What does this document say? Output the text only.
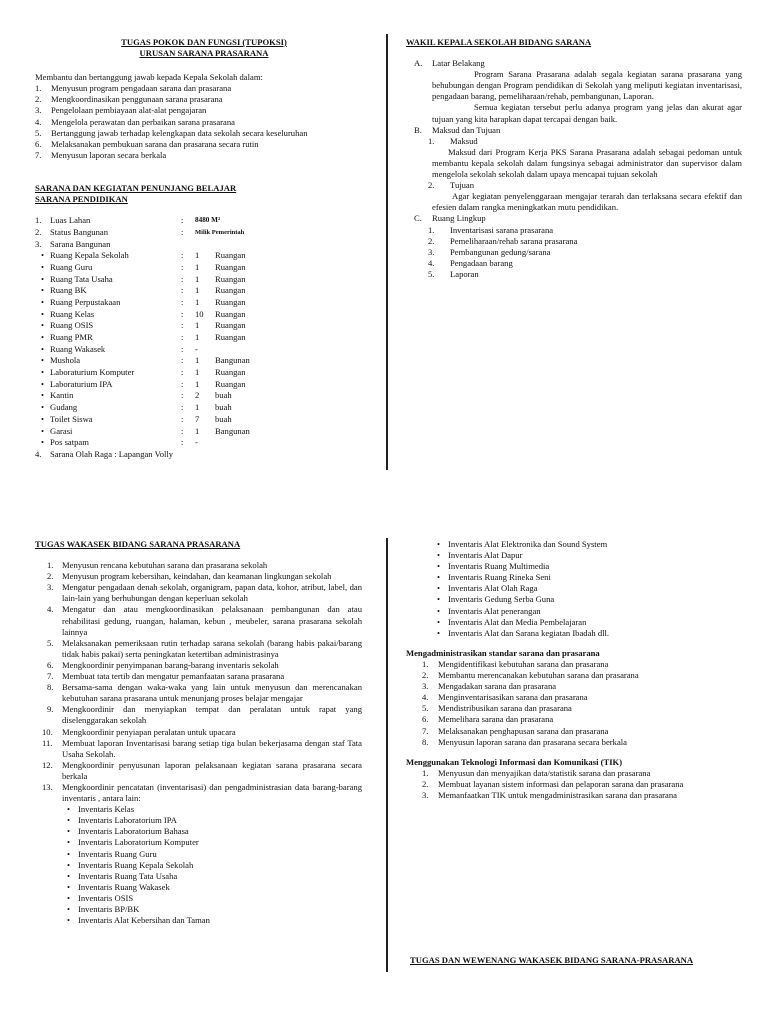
TUGAS POKOK DAN FUNGSI (TUPOKSI)
URUSAN SARANA PRASARANA
Membantu dan bertanggung jawab kepada Kepala Sekolah dalam:
1. Menyusun program pengadaan sarana dan prasarana
2. Mengkoordinasikan penggunaan sarana prasarana
3. Pengelolaan pembiayaan alat-alat pengajaran
4. Mengelola perawatan dan perbaikan sarana prasarana
5. Bertanggung jawab terhadap kelengkapan data sekolah secara keseluruhan
6. Melaksanakan pembukuan sarana dan prasarana secara rutin
7. Menyusun laporan secara berkala
SARANA DAN KEGIATAN PENUNJANG BELAJAR
SARANA PENDIDIKAN
1. Luas Lahan	:	8480 M²	
2. Status Bangunan	:	Milik Pemerintah	
3. Sarana Bangunan			
• Ruang Kepala Sekolah	:	1	Ruangan
• Ruang Guru	:	1	Ruangan
• Ruang Tata Usaha	:	1	Ruangan
• Ruang BK	:	1	Ruangan
• Ruang Perpustakaan	:	1	Ruangan
• Ruang Kelas	:	10	Ruangan
• Ruang OSIS	:	1	Ruangan
• Ruang PMR	:	1	Ruangan
• Ruang Wakasek	:	-	
• Mushola	:	1	Bangunan
• Laboraturium Komputer	:	1	Ruangan
• Laboraturium IPA	:	1	Ruangan
• Kantin	:	2	buah
• Gudang	:	1	buah
• Toilet Siswa	:	7	buah
• Garasi	:	1	Bangunan
• Pos satpam	:	-	
4. Sarana Olah Raga : Lapangan Volly
WAKIL KEPALA SEKOLAH BIDANG SARANA
A. Latar Belakang
Program Sarana Prasarana adalah segala kegiatan sarana prasarana yang behubungan dengan Program pendidikan di Sekolah yang meliputi kegiatan inventarisasi, pengadaan barang, pemeliharaan/rehab, pembangunan, Laporan.
Semua kegiatan tersebut perlu adanya program yang jelas dan akurat agar tujuan yang kita harapkan dapat tercapai dengan baik.
B. Maksud dan Tujuan
1. Maksud
Maksud dari Program Kerja PKS Sarana Prasarana adalah sebagai pedoman untuk membantu kepala sekolah dalam fungsinya sebagai administrator dan supervisor dalam mengelola sekolah sekolah dalam upaya mencapai tujuan sekolah
2. Tujuan
Agar kegiatan penyelenggaraan mengajar terarah dan terlaksana secara efektif dan efesien dalam rangka meningkatkan mutu pendidikan.
C. Ruang Lingkup
1. Inventarisasi sarana prasarana
2. Pemeliharaan/rehab sarana prasarana
3. Pembangunan gedung/sarana
4. Pengadaan barang
5. Laporan
TUGAS WAKASEK BIDANG SARANA PRASARANA
1. Menyusun rencana kebutuhan sarana dan prasarana sekolah
2. Menyusun program kebersihan, keindahan, dan keamanan lingkungan sekolah
3. Mengatur pengadaan denah sekolah, organigram, papan data, kohor, atribut, label, dan lain-lain yang berhubungan dengan keperluan sekolah
4. Mengatur dan atau mengkoordinasikan pelaksanaan pembangunan dan atau rehabilitasi gedung, ruangan, halaman, kebun , meubeler, sarana prasarana sekolah lainnya
5. Melaksanakan pemeriksaan rutin terhadap sarana sekolah (barang habis pakai/barang tidak habis pakai) serta peningkatan ketertiban administrasinya
6. Mengkoordinir penyimpanan barang-barang inventaris sekolah
7. Membuat tata tertib dan mengatur pemanfaatan sarana prasarana
8. Bersama-sama dengan waka-waka yang lain untuk menyusun dan merencanakan kebutuhan sarana prasarana untuk menunjang proses belajar mengajar
9. Mengkoordinir dan menyiapkan tempat dan peralatan untuk rapat yang diselenggarakan sekolah
10. Mengkoordinir penyiapan peralatan untuk upacara
11. Membuat laporan Inventarisasi barang setiap tiga bulan bekerjasama dengan staf Tata Usaha Sekolah.
12. Mengkoordinir penyusunan laporan pelaksanaan kegiatan sarana prasarana secara berkala
13. Mengkoordinir pencatatan (inventarisasi) dan pengadministrasian data barang-barang inventaris , antara lain:
• Inventaris Kelas
• Inventaris Laboratorium IPA
• Inventaris Laboratorium Bahasa
• Inventaris Laboratorium Komputer
• Inventaris Ruang Guru
• Inventaris Ruang Kepala Sekolah
• Inventaris Ruang Tata Usaha
• Inventaris Ruang Wakasek
• Inventaris OSIS
• Inventaris BP/BK
• Inventaris Alat Kebersihan dan Taman
• Inventaris Alat Elektronika dan Sound System
• Inventaris Alat Dapur
• Inventaris Ruang Multimedia
• Inventaris Ruang Rineka Seni
• Inventaris Alat Olah Raga
• Inventaris Gedung Serba Guna
• Inventaris Alat penerangan
• Inventaris Alat dan Media Pembelajaran
• Inventaris Alat dan Sarana kegiatan Ibadah dll.
Mengadministrasikan standar sarana dan prasarana
1. Mengidentifikasi kebutuhan sarana dan prasarana
2. Membantu merencanakan kebutuhan sarana dan prasarana
3. Mengadakan sarana dan prasarana
4. Menginventarisasikan sarana dan prasarana
5. Mendistribusikan sarana dan prasarana
6. Memelihara sarana dan prasarana
7. Melaksanakan penghapusan sarana dan prasarana
8. Menyusun laporan sarana dan prasarana secara berkala
Menggunakan Teknologi Informasi dan Komunikasi (TIK)
1. Menyusun dan menyajikan data/statistik sarana dan prasarana
2. Membuat layanan sistem informasi dan pelaporan sarana dan prasarana
3. Memanfaatkan TIK untuk mengadministrasikan sarana dan prasarana
TUGAS DAN WEWENANG WAKASEK BIDANG SARANA-PRASARANA
